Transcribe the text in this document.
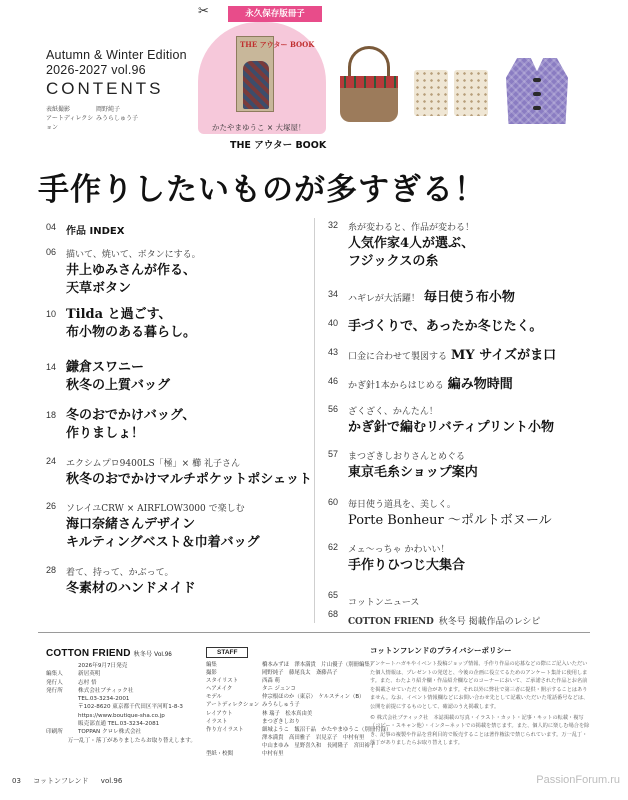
Autumn & Winter Edition
2026-2027 vol.96
CONTENTS
表紙撮影	岡野純子
アートディレクション
みうらしゅう子
✂	永久保存版冊子
THE アウター BOOK
かたやまゆうこ × 大塚屋！
THE アウター BOOK
手作りしたいものが多すぎる！
04 作品 INDEX
06 描いて、焼いて、ボタンにする。
井上ゆみさんが作る、
天草ボタン
10 Tilda と過ごす、
布小物のある暮らし。
14 鎌倉スワニー
秋冬の上質バッグ
18 冬のおでかけバッグ、
作りましょ！
24 エクシムプロ9400LS「極」× 櫛 礼子さん
秋冬のおでかけマルチポケットポシェット
26 ソレイユCRW × AIRFLOW3000 で楽しむ
海口奈緒さんデザイン
キルティングベスト＆巾着バッグ
28 着て、持って、かぶって。
冬素材のハンドメイド
32 糸が変わると、作品が変わる！
人気作家4人が選ぶ、
フジックスの糸
34 ハギレが大活躍！ 毎日使う布小物
40 手づくりで、あったか冬じたく。
43 口金に合わせて製図する MY サイズがま口
46 かぎ針1本からはじめる 編み物時間
56 ざくざく、かんたん！
かぎ針で編むリバティプリント小物
57 まつざきしおりさんとめぐる
東京毛糸ショップ案内
60 毎日使う道具を、美しく。
Porte Bonheur ～ポルトボヌール
62 メェ〜っちゃ かわいい！
手作りひつじ大集合
65
コットンニュース
68
COTTON FRIEND 秋冬号 掲載作品のレシピ
COTTON FRIEND 秋冬号 Vol.96
2026年9月7日発売
編集人	新居英明
発行人	志村 悟
発行所	株式会社ブティック社
TEL.03-3234-2001
〒102-8620 東京都千代田区平河町1-8-3
https://www.boutique-sha.co.jp
販売部直通 TEL.03-3234-2081
印刷所	TOPPAN クロレ株式会社
万一乱丁・落丁がありましたらお取り替えします。
STAFF
編集	橋本みずほ　澤本満貴　片山優子（別冊編集）
撮影	岡野純子　藤尾良太　斎藤昌子
スタイリスト	西森 萌
ヘアメイク	タニ ジュンコ
モデル	仲宗根ほのか（東京）　ケルスティン（B）
アートディレクション みうらしゅう子
レイアウト	林 瑞子　松本真由美
イラスト	まつざきしおり
作り方イラスト	細城ようこ　飯沼千晶　かたやまゆうこ（別冊付録）
澤本満貴　高田雅子　岩見京子　中村有里
中山まゆみ　星野喜久和　長岡隆子　宮田裕子
型紙・校閲	中村有里
コットンフレンドのプライバシーポリシー

アンケートハガキやイベント投稿ジョップ情報、手作り作品の応募などの際にご記入いただいた個人情報は、プレゼントの発送と、今後の企画に役立てるためのアンケート集計に使用します。また、わたより紹介欄・作品紹介欄などのコーナーにおいて、ご承諾された作品とお名前を掲載させていただく場合があります。それ以外に弊社で第三者に提供・開示することはありません。なお、イベント情報欄などにお問い合わせ先として記載いただいた電話番号などは、公開を前提にするものとして、確認のうえ掲載します。

© 株式会社ブティック社　本誌掲載の写真・イラスト・カット・記事・キットの転載・複写（コピー・スキャン他）・インターネットでの掲載を禁じます。また、個人的に楽しむ場合を除き、記事の複製や作品を営利目的で販売することは著作権法で禁じられています。万一乱丁・落丁がありましたらお取り替えします。

03 コットンフレンド vol.96	PassionForum.ru
